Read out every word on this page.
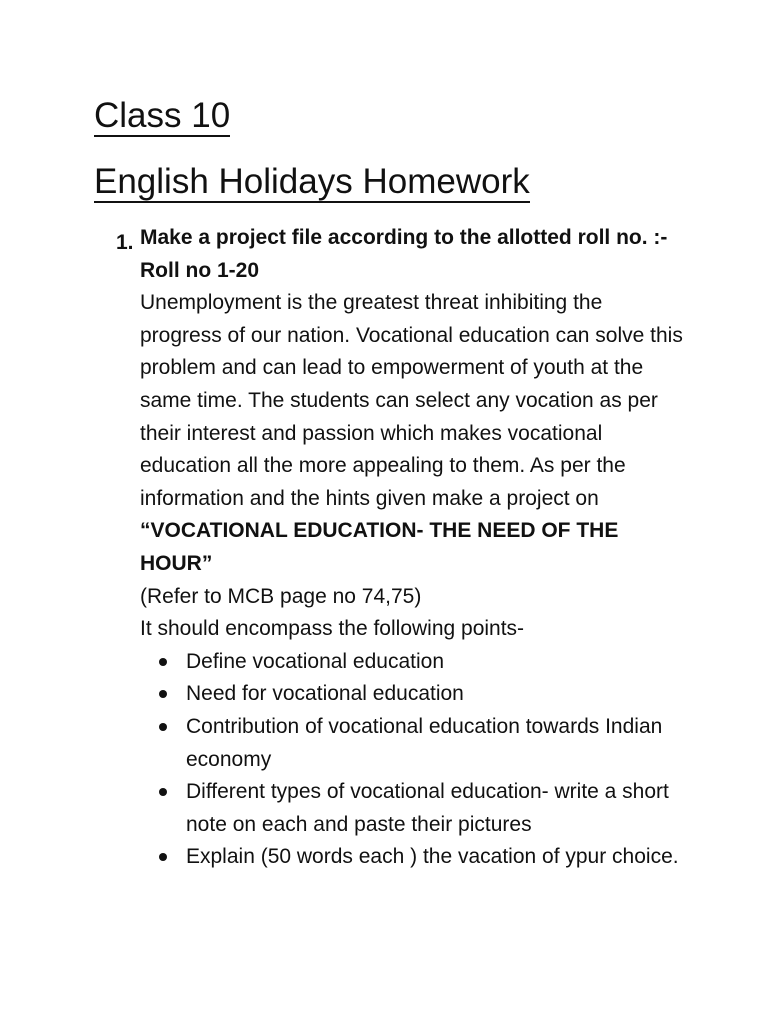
Class 10
English Holidays Homework
1. Make a project file according to the allotted roll no. :-

Roll no 1-20

Unemployment is the greatest threat inhibiting the progress of our nation. Vocational education can solve this problem and can lead to empowerment of youth at the same time. The students can select any vocation as per their interest and passion which makes vocational education all the more appealing to them. As per the information and the hints given make a project on “VOCATIONAL EDUCATION- THE NEED OF THE HOUR”

(Refer to MCB page no 74,75)

It should encompass the following points-

Define vocational education
Need for vocational education
Contribution of vocational education towards Indian economy
Different types of vocational education- write a short note on each and paste their pictures
Explain (50 words each ) the vacation of ypur choice.
